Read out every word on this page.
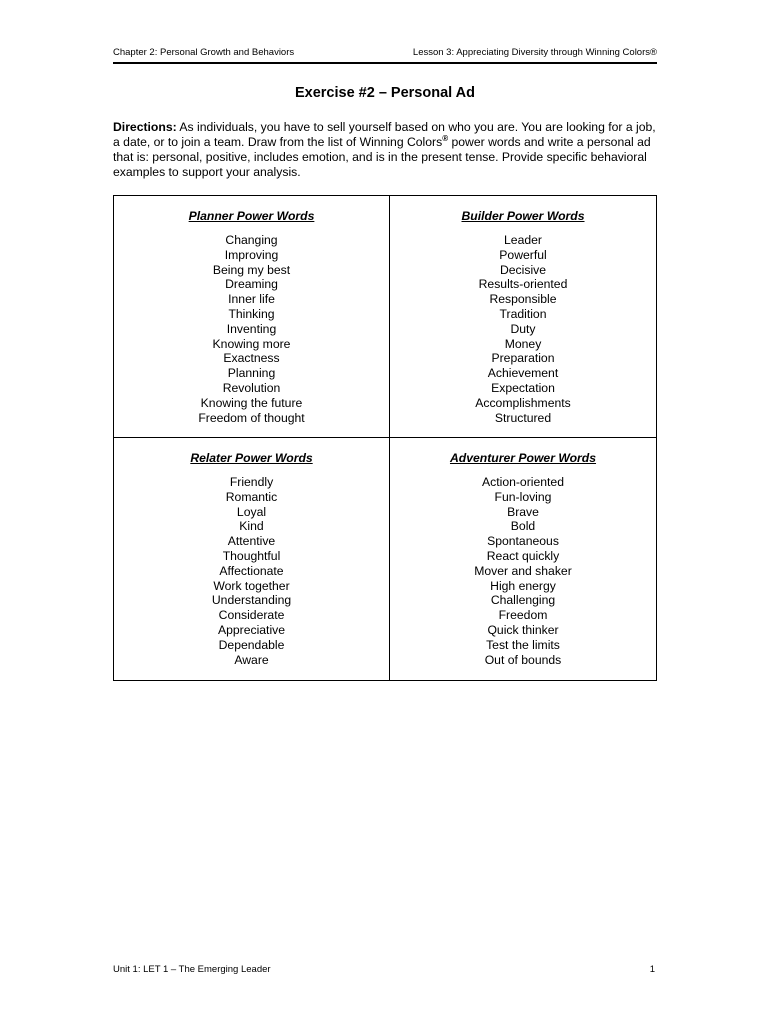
Chapter 2: Personal Growth and Behaviors	Lesson 3: Appreciating Diversity through Winning Colors®
Exercise #2 – Personal Ad
Directions: As individuals, you have to sell yourself based on who you are. You are looking for a job, a date, or to join a team. Draw from the list of Winning Colors® power words and write a personal ad that is: personal, positive, includes emotion, and is in the present tense. Provide specific behavioral examples to support your analysis.
Planner Power Words
Changing
Improving
Being my best
Dreaming
Inner life
Thinking
Inventing
Knowing more
Exactness
Planning
Revolution
Knowing the future
Freedom of thought
Builder Power Words
Leader
Powerful
Decisive
Results-oriented
Responsible
Tradition
Duty
Money
Preparation
Achievement
Expectation
Accomplishments
Structured
Relater Power Words
Friendly
Romantic
Loyal
Kind
Attentive
Thoughtful
Affectionate
Work together
Understanding
Considerate
Appreciative
Dependable
Aware
Adventurer Power Words
Action-oriented
Fun-loving
Brave
Bold
Spontaneous
React quickly
Mover and shaker
High energy
Challenging
Freedom
Quick thinker
Test the limits
Out of bounds
Unit 1: LET 1 – The Emerging Leader	1
